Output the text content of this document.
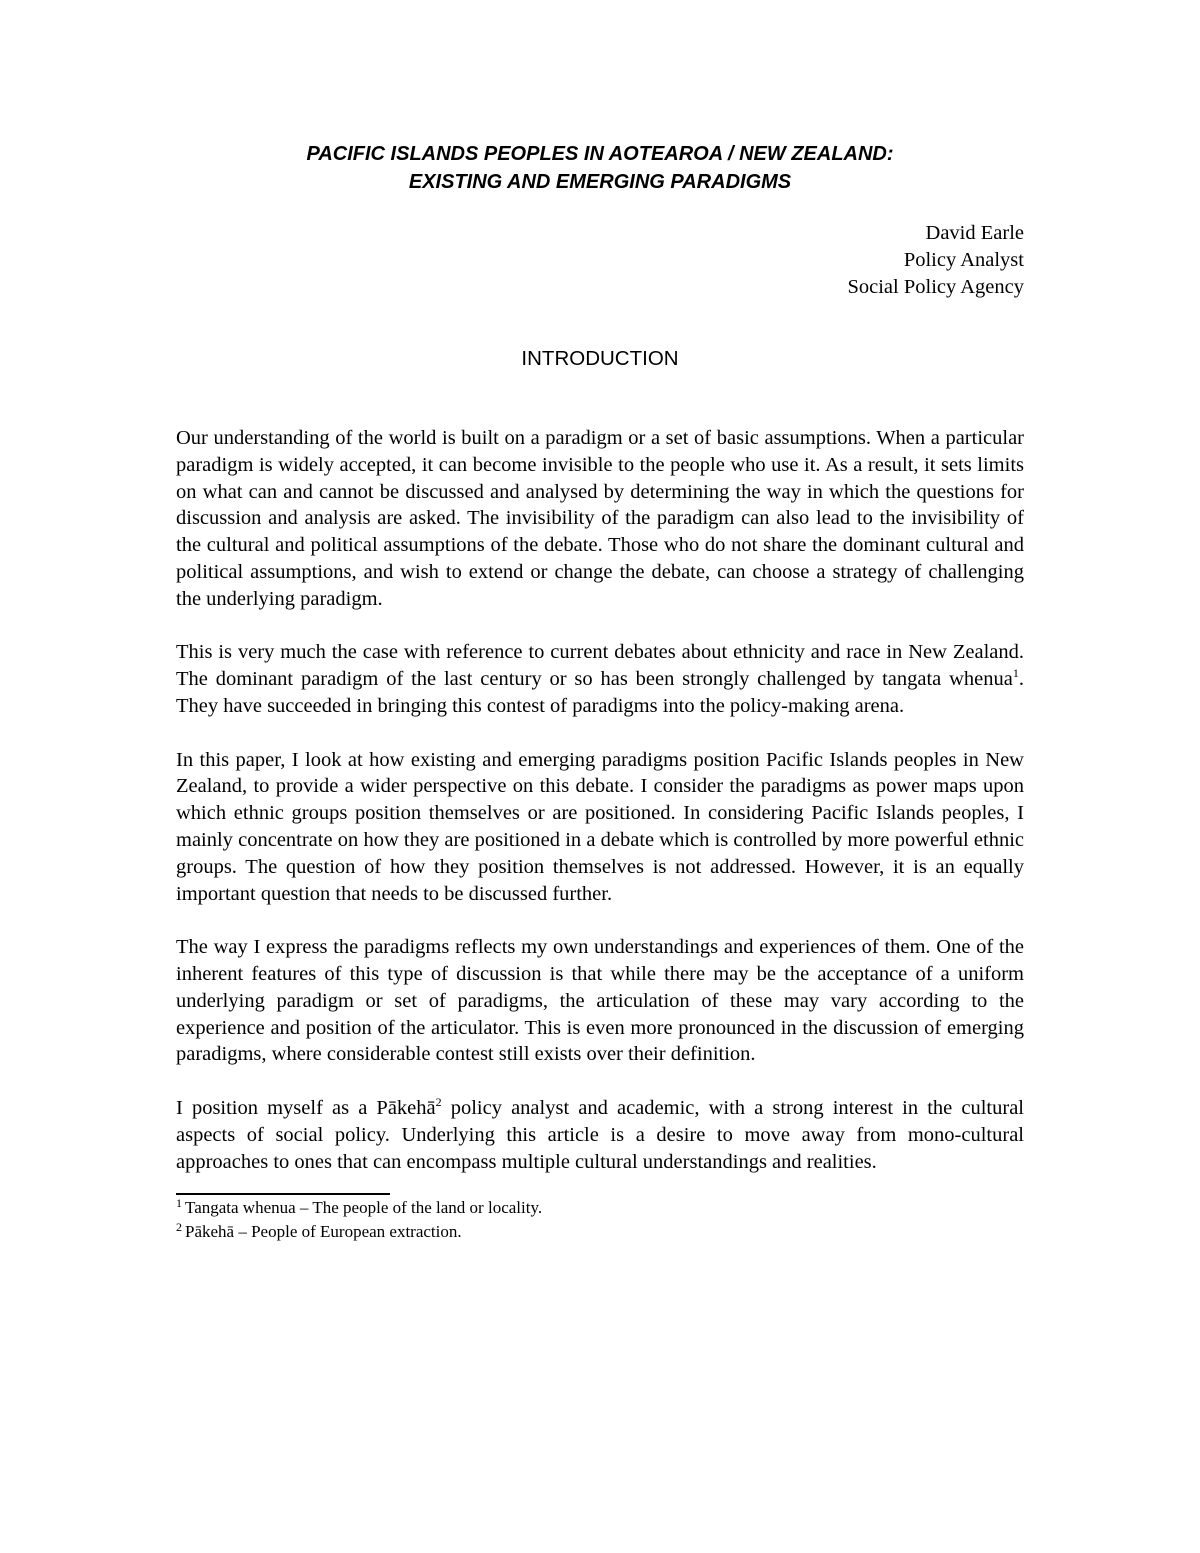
PACIFIC ISLANDS PEOPLES IN AOTEAROA / NEW ZEALAND:
EXISTING AND EMERGING PARADIGMS
David Earle
Policy Analyst
Social Policy Agency
INTRODUCTION

Our understanding of the world is built on a paradigm or a set of basic assumptions. When a particular paradigm is widely accepted, it can become invisible to the people who use it. As a result, it sets limits on what can and cannot be discussed and analysed by determining the way in which the questions for discussion and analysis are asked. The invisibility of the paradigm can also lead to the invisibility of the cultural and political assumptions of the debate. Those who do not share the dominant cultural and political assumptions, and wish to extend or change the debate, can choose a strategy of challenging the underlying paradigm.

This is very much the case with reference to current debates about ethnicity and race in New Zealand. The dominant paradigm of the last century or so has been strongly challenged by tangata whenua$^1$. They have succeeded in bringing this contest of paradigms into the policy-making arena.

In this paper, I look at how existing and emerging paradigms position Pacific Islands peoples in New Zealand, to provide a wider perspective on this debate. I consider the paradigms as power maps upon which ethnic groups position themselves or are positioned. In considering Pacific Islands peoples, I mainly concentrate on how they are positioned in a debate which is controlled by more powerful ethnic groups. The question of how they position themselves is not addressed. However, it is an equally important question that needs to be discussed further.

The way I express the paradigms reflects my own understandings and experiences of them. One of the inherent features of this type of discussion is that while there may be the acceptance of a uniform underlying paradigm or set of paradigms, the articulation of these may vary according to the experience and position of the articulator. This is even more pronounced in the discussion of emerging paradigms, where considerable contest still exists over their definition.

I position myself as a Pākehā$^2$ policy analyst and academic, with a strong interest in the cultural aspects of social policy. Underlying this article is a desire to move away from mono-cultural approaches to ones that can encompass multiple cultural understandings and realities.

$^1$ Tangata whenua – The people of the land or locality.
$^2$ Pākehā – People of European extraction.
